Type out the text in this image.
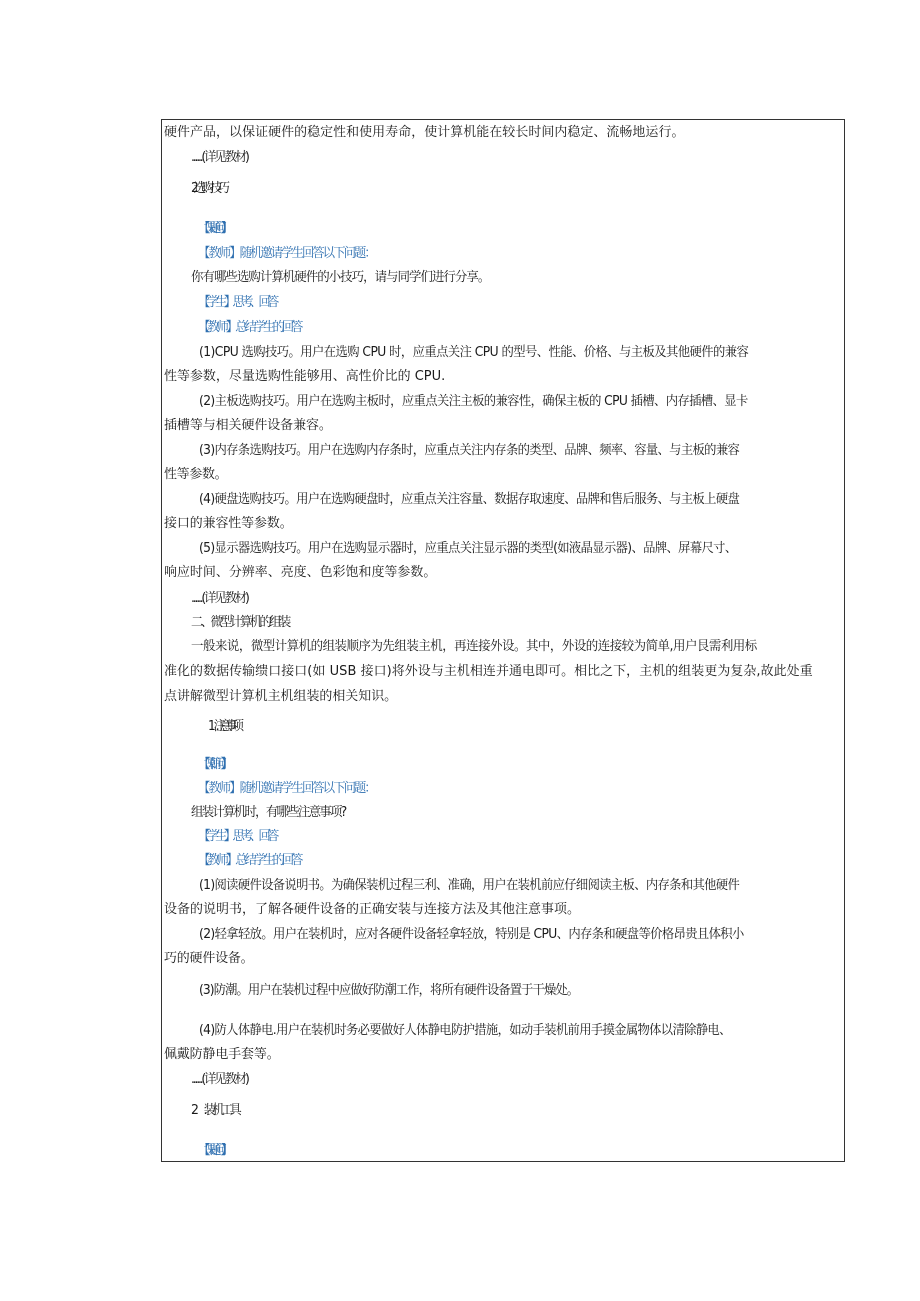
硬件产品，以保证硬件的稳定性和使用寿命，使计算机能在较长时间内稳定、流畅地运行。
......(详见教材)
2.选购技巧
【课题问】
【教师】随机邀请学生回答以下问题：
你有哪些选购计算机硬件的小技巧，请与同学们进行分享。
【学生】思考、回答
【教师】总结学生的回答
(1)CPU 选购技巧。用户在选购 CPU 时，应重点关注 CPU 的型号、性能、价格、与主板及其他硬件的兼容
性等参数，尽量选购性能够用、高性价比的 CPU.
(2)主板选购技巧。用户在选购主板时，应重点关注主板的兼容性，确保主板的 CPU 插槽、内存插槽、显卡
插槽等与相关硬件设备兼容。
(3)内存条选购技巧。用户在选购内存条时，应重点关注内存条的类型、品牌、频率、容量、与主板的兼容
性等参数。
(4)硬盘选购技巧。用户在选购硬盘时，应重点关注容量、数据存取速度、品牌和售后服务、与主板上硬盘
接口的兼容性等参数。
(5)显示器选购技巧。用户在选购显示器时，应重点关注显示器的类型(如液晶显示器)、品牌、屏幕尺寸、
响应时间、分辨率、亮度、色彩饱和度等参数。
......(详见教材)
二、微型计算机的组装
一般来说，微型计算机的组装顺序为先组装主机，再连接外设。其中，外设的连接较为简单,用户艮需利用标
准化的数据传输缋口接口(如 USB 接口)将外设与主机相连并通电即可。相比之下，主机的组装更为复杂,故此处重
点讲解微型计算机主机组装的相关知识。
1　.注意事项
【课朝问】
【教师】随机邀请学生回答以下问题：
组装计算机时，有哪些注意事项?
【学生】思考、回答
【教师】总结学生的回答
(1)阅读硬件设备说明书。为确保装机过程三利、准确，用户在装机前应仔细阅读主板、内存条和其他硬件
设备的说明书，了解各硬件设备的正确安装与连接方法及其他注意事项。
(2)轻拿轻放。用户在装机时，应对各硬件设备轻拿轻放，特别是 CPU、内存条和硬盘等价格昂贵且体积小
巧的硬件设备。
(3)防潮。用户在装机过程中应做好防潮工作，将所有硬件设备置于干燥处。
(4)防人体静电.用户在装机时务必要做好人体静电防护措施，如动手装机前用手摸金属物体以清除静电、
佩戴防静电手套等。
......(详见教材)
2　.装机工具
【课题问】
